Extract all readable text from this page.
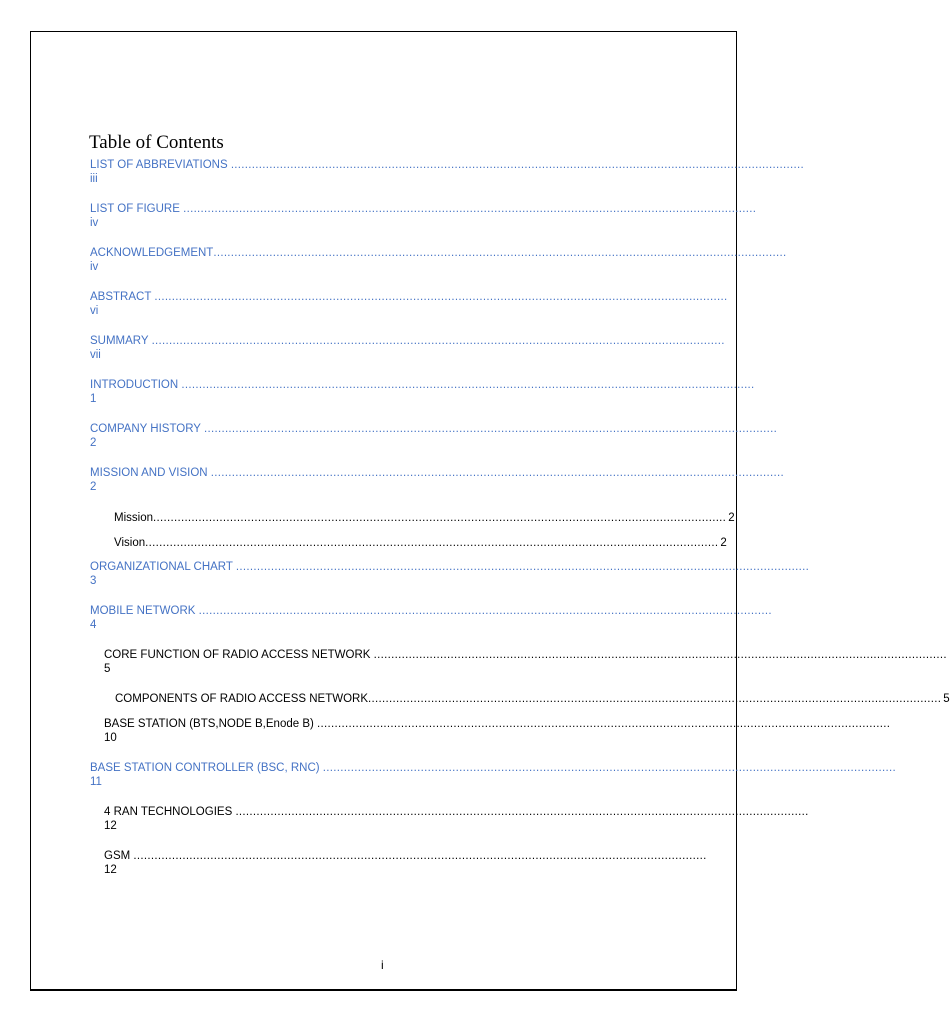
Table of Contents
LIST OF ABBREVIATIONS ....................................................................................................................................................................
iii
LIST OF FIGURE ....................................................................................................................................................................
iv
ACKNOWLEDGEMENT....................................................................................................................................................................
iv
ABSTRACT ....................................................................................................................................................................
vi
SUMMARY ....................................................................................................................................................................
vii
INTRODUCTION ....................................................................................................................................................................
1
COMPANY HISTORY ....................................................................................................................................................................
2
MISSION AND VISION ....................................................................................................................................................................
2
Mission .................................................................................................................................................................... 2
Vision .................................................................................................................................................................... 2
ORGANIZATIONAL CHART ....................................................................................................................................................................
3
MOBILE NETWORK ....................................................................................................................................................................
4
CORE FUNCTION OF RADIO ACCESS NETWORK ....................................................................................................................................................................
5
COMPONENTS OF RADIO ACCESS NETWORK .................................................................................................................................................................... 5
BASE STATION (BTS,NODE B,Enode B) ....................................................................................................................................................................
10
BASE STATION CONTROLLER (BSC, RNC) ....................................................................................................................................................................
11
4 RAN TECHNOLOGIES ....................................................................................................................................................................
12
GSM ....................................................................................................................................................................
12
i
